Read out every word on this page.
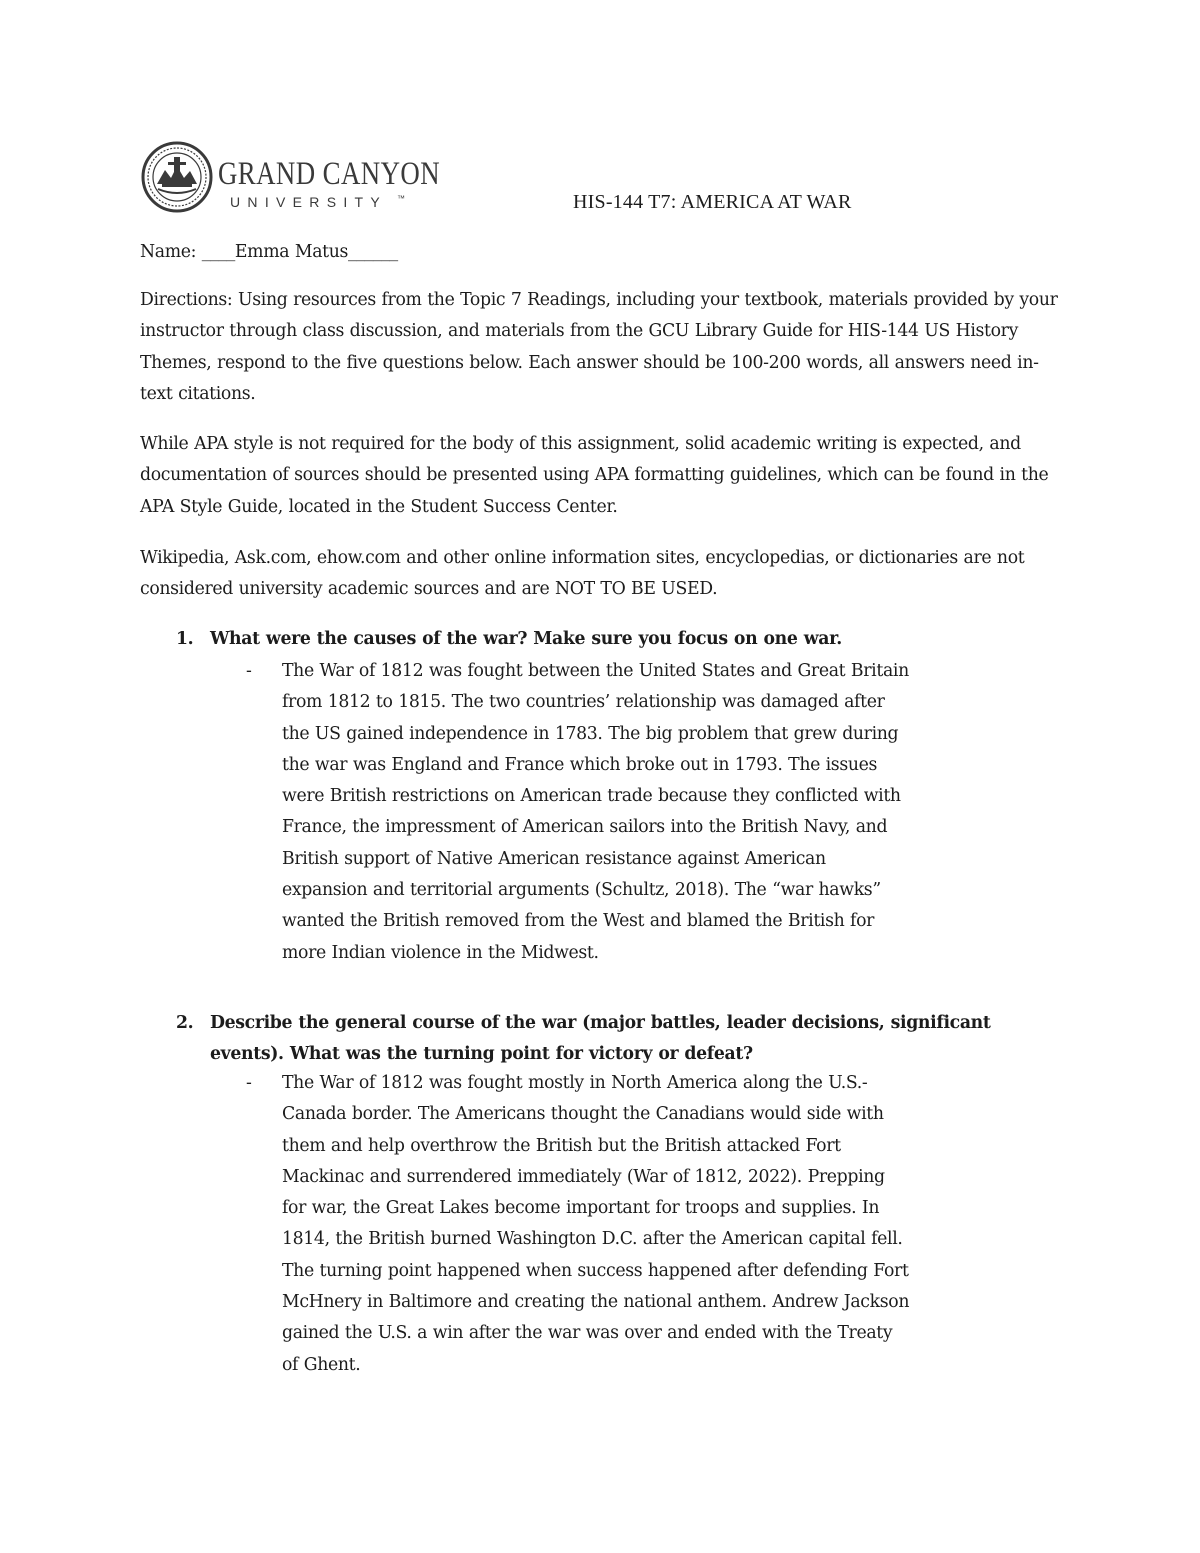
GRAND CANYON
UNIVERSITY ™	HIS-144 T7: AMERICA AT WAR
Name: ____Emma Matus______
Directions: Using resources from the Topic 7 Readings, including your textbook, materials provided by your instructor through class discussion, and materials from the GCU Library Guide for HIS-144 US History Themes, respond to the five questions below. Each answer should be 100-200 words, all answers need in-text citations.
While APA style is not required for the body of this assignment, solid academic writing is expected, and documentation of sources should be presented using APA formatting guidelines, which can be found in the APA Style Guide, located in the Student Success Center.
Wikipedia, Ask.com, ehow.com and other online information sites, encyclopedias, or dictionaries are not considered university academic sources and are NOT TO BE USED.
1. What were the causes of the war? Make sure you focus on one war.
- The War of 1812 was fought between the United States and Great Britain from 1812 to 1815. The two countries’ relationship was damaged after the US gained independence in 1783. The big problem that grew during the war was England and France which broke out in 1793. The issues were British restrictions on American trade because they conflicted with France, the impressment of American sailors into the British Navy, and British support of Native American resistance against American expansion and territorial arguments (Schultz, 2018). The “war hawks” wanted the British removed from the West and blamed the British for more Indian violence in the Midwest.
2. Describe the general course of the war (major battles, leader decisions, significant events). What was the turning point for victory or defeat?
- The War of 1812 was fought mostly in North America along the U.S.-Canada border. The Americans thought the Canadians would side with them and help overthrow the British but the British attacked Fort Mackinac and surrendered immediately (War of 1812, 2022). Prepping for war, the Great Lakes become important for troops and supplies. In 1814, the British burned Washington D.C. after the American capital fell. The turning point happened when success happened after defending Fort McHnery in Baltimore and creating the national anthem. Andrew Jackson gained the U.S. a win after the war was over and ended with the Treaty of Ghent.
